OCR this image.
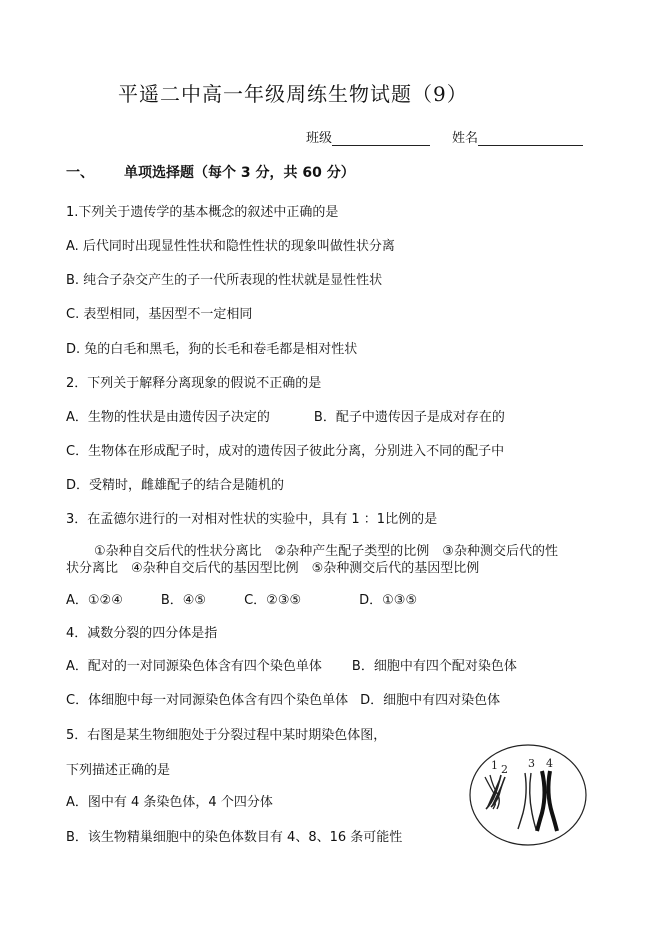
平遥二中高一年级周练生物试题（9）
班级	姓名
一、 单项选择题（每个 3 分，共 60 分）
1.下列关于遗传学的基本概念的叙述中正确的是
A. 后代同时出现显性性状和隐性性状的现象叫做性状分离
B. 纯合子杂交产生的子一代所表现的性状就是显性性状
C. 表型相同，基因型不一定相同
D. 兔的白毛和黑毛，狗的长毛和卷毛都是相对性状
2．下列关于解释分离现象的假说不正确的是
A．生物的性状是由遗传因子决定的	B．配子中遗传因子是成对存在的
C．生物体在形成配子时，成对的遗传因子彼此分离，分别进入不同的配子中
D．受精时，雌雄配子的结合是随机的
3．在孟德尔进行的一对相对性状的实验中，具有 1 ：1比例的是
①杂种自交后代的性状分离比　②杂种产生配子类型的比例　③杂种测交后代的性
状分离比　④杂种自交后代的基因型比例　⑤杂种测交后代的基因型比例
A．①②④	B．④⑤	C．②③⑤	D．①③⑤
4．减数分裂的四分体是指
A．配对的一对同源染色体含有四个染色单体 B．细胞中有四个配对染色体
C．体细胞中每一对同源染色体含有四个染色单体 D．细胞中有四对染色体
5．右图是某生物细胞处于分裂过程中某时期染色体图，
下列描述正确的是
A．图中有 4 条染色体，4 个四分体
B．该生物精巢细胞中的染色体数目有 4、8、16 条可能性
1 2 3 4
